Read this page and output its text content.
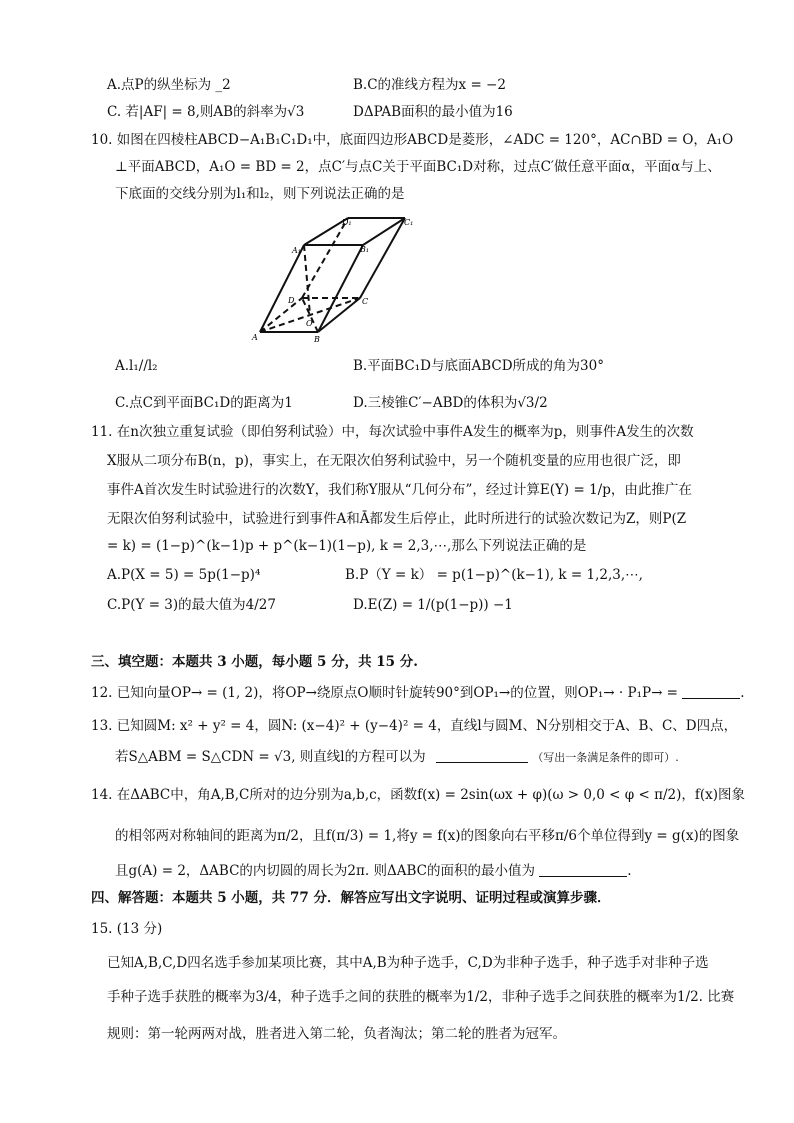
A.点P的纵坐标为 _2	B.C的准线方程为x = −2
C. 若|AF| = 8,则AB的斜率为√3	DΔPAB面积的最小值为16
10. 如图在四棱柱ABCD−A₁B₁C₁D₁中，底面四边形ABCD是菱形，∠ADC = 120°，AC∩BD = O，A₁O
⊥平面ABCD，A₁O = BD = 2，点C′与点C关于平面BC₁D对称，过点C′做任意平面α，平面α与上、
下底面的交线分别为l₁和l₂，则下列说法正确的是
D₁	C₁
A₁	B₁
D	C
O
A	B
A.l₁//l₂	B.平面BC₁D与底面ABCD所成的角为30°
C.点C到平面BC₁D的距离为1	D.三棱锥C′−ABD的体积为√3/2
11. 在n次独立重复试验（即伯努利试验）中，每次试验中事件A发生的概率为p，则事件A发生的次数
X服从二项分布B(n，p)，事实上，在无限次伯努利试验中，另一个随机变量的应用也很广泛，即
事件A首次发生时试验进行的次数Y，我们称Y服从“几何分布”，经过计算E(Y) = 1/p，由此推广在
无限次伯努利试验中，试验进行到事件A和Ā都发生后停止，此时所进行的试验次数记为Z，则P(Z
= k) = (1−p)^(k−1)p + p^(k−1)(1−p), k = 2,3,⋯,那么下列说法正确的是
A.P(X = 5) = 5p(1−p)⁴	B.P（Y = k） = p(1−p)^(k−1), k = 1,2,3,⋯,
C.P(Y = 3)的最大值为4/27	D.E(Z) = 1/(p(1−p)) −1
三、填空题：本题共 3 小题，每小题 5 分，共 15 分.
12. 已知向量OP→ = (1, 2)，将OP→绕原点O顺时针旋转90°到OP₁→的位置，则OP₁→ · P₁P→ =	.
13. 已知圆M: x² + y² = 4，圆N: (x−4)² + (y−4)² = 4，直线l与圆M、N分别相交于A、B、C、D四点，
若S△ABM = S△CDN = √3, 则直线l的方程可以为	（写出一条满足条件的即可）.
14. 在ΔABC中，角A,B,C所对的边分别为a,b,c，函数f(x) = 2sin(ωx + φ)(ω > 0,0 < φ < π/2)，f(x)图象
的相邻两对称轴间的距离为π/2，且f(π/3) = 1,将y = f(x)的图象向右平移π/6个单位得到y = g(x)的图象
且g(A) = 2，ΔABC的内切圆的周长为2π. 则ΔABC的面积的最小值为	.
四、解答题：本题共 5 小题，共 77 分．解答应写出文字说明、证明过程或演算步骤．
15. (13 分)
已知A,B,C,D四名选手参加某项比赛，其中A,B为种子选手，C,D为非种子选手，种子选手对非种子选
手种子选手获胜的概率为3/4，种子选手之间的获胜的概率为1/2，非种子选手之间获胜的概率为1/2. 比赛
规则：第一轮两两对战，胜者进入第二轮，负者淘汰；第二轮的胜者为冠军。
